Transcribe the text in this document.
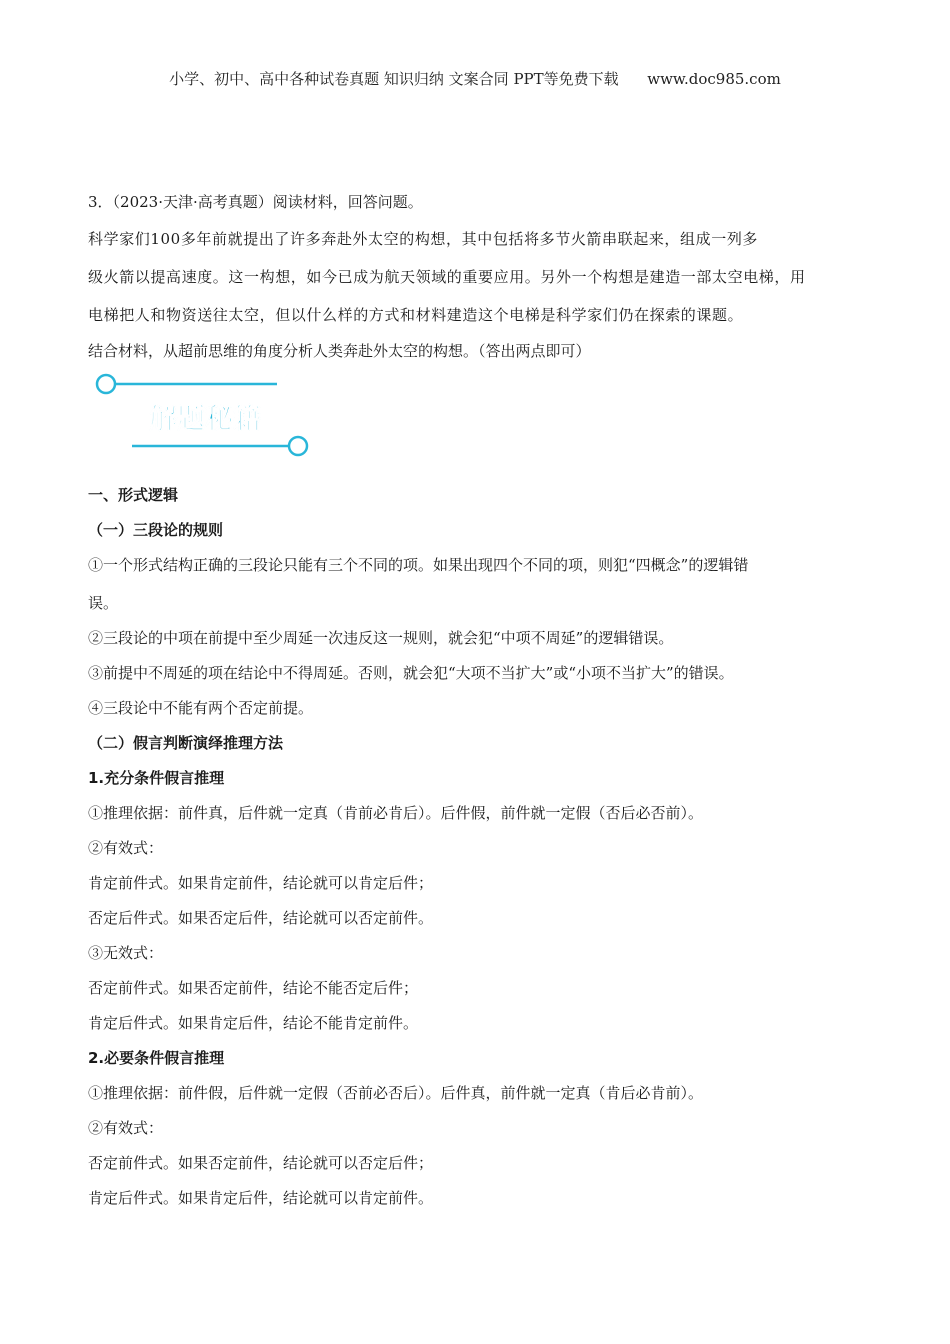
小学、初中、高中各种试卷真题 知识归纳 文案合同 PPT等免费下载      www.doc985.com
3．（2023·天津·高考真题）阅读材料，回答问题。
科学家们100多年前就提出了许多奔赴外太空的构想，其中包括将多节火箭串联起来，组成一列多
级火箭以提高速度。这一构想，如今已成为航天领域的重要应用。另外一个构想是建造一部太空电梯，用
电梯把人和物资送往太空，但以什么样的方式和材料建造这个电梯是科学家们仍在探索的课题。
结合材料，从超前思维的角度分析人类奔赴外太空的构想。（答出两点即可）
解题秘籍
一、形式逻辑
（一）三段论的规则
①一个形式结构正确的三段论只能有三个不同的项。如果出现四个不同的项，则犯“四概念”的逻辑错
误。
②三段论的中项在前提中至少周延一次违反这一规则，就会犯“中项不周延”的逻辑错误。
③前提中不周延的项在结论中不得周延。否则，就会犯“大项不当扩大”或“小项不当扩大”的错误。
④三段论中不能有两个否定前提。
（二）假言判断演绎推理方法
1.充分条件假言推理
①推理依据：前件真，后件就一定真（肯前必肯后）。后件假，前件就一定假（否后必否前）。
②有效式：
肯定前件式。如果肯定前件，结论就可以肯定后件；
否定后件式。如果否定后件，结论就可以否定前件。
③无效式：
否定前件式。如果否定前件，结论不能否定后件；
肯定后件式。如果肯定后件，结论不能肯定前件。
2.必要条件假言推理
①推理依据：前件假，后件就一定假（否前必否后）。后件真，前件就一定真（肯后必肯前）。
②有效式：
否定前件式。如果否定前件，结论就可以否定后件；
肯定后件式。如果肯定后件，结论就可以肯定前件。
